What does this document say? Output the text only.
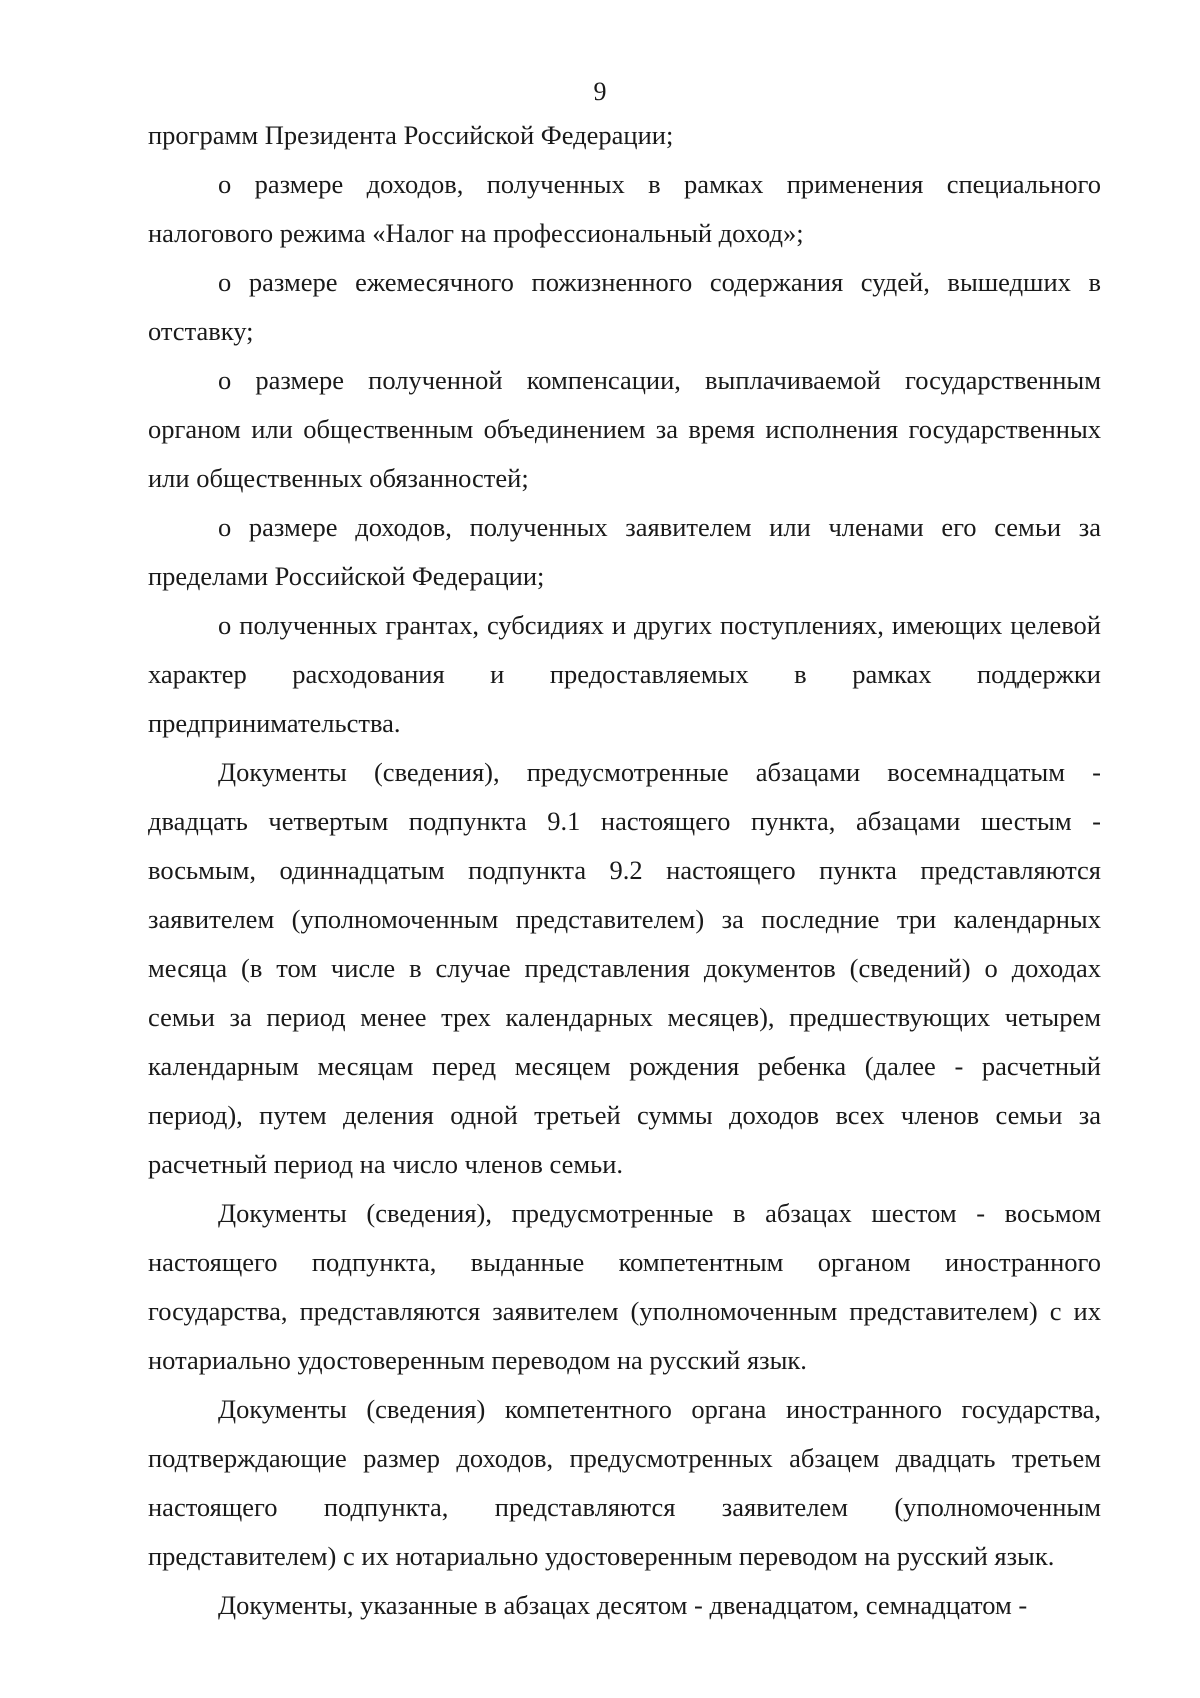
9

программ Президента Российской Федерации;

о размере доходов, полученных в рамках применения специального налогового режима «Налог на профессиональный доход»;

о размере ежемесячного пожизненного содержания судей, вышедших в отставку;

о размере полученной компенсации, выплачиваемой государственным органом или общественным объединением за время исполнения государственных или общественных обязанностей;

о размере доходов, полученных заявителем или членами его семьи за пределами Российской Федерации;

о полученных грантах, субсидиях и других поступлениях, имеющих целевой характер расходования и предоставляемых в рамках поддержки предпринимательства.

Документы (сведения), предусмотренные абзацами восемнадцатым - двадцать четвертым подпункта 9.1 настоящего пункта, абзацами шестым - восьмым, одиннадцатым подпункта 9.2 настоящего пункта представляются заявителем (уполномоченным представителем) за последние три календарных месяца (в том числе в случае представления документов (сведений) о доходах семьи за период менее трех календарных месяцев), предшествующих четырем календарным месяцам перед месяцем рождения ребенка (далее - расчетный период), путем деления одной третьей суммы доходов всех членов семьи за расчетный период на число членов семьи.

Документы (сведения), предусмотренные в абзацах шестом - восьмом настоящего подпункта, выданные компетентным органом иностранного государства, представляются заявителем (уполномоченным представителем) с их нотариально удостоверенным переводом на русский язык.

Документы (сведения) компетентного органа иностранного государства, подтверждающие размер доходов, предусмотренных абзацем двадцать третьем настоящего подпункта, представляются заявителем (уполномоченным представителем) с их нотариально удостоверенным переводом на русский язык.

Документы, указанные в абзацах десятом - двенадцатом, семнадцатом -
